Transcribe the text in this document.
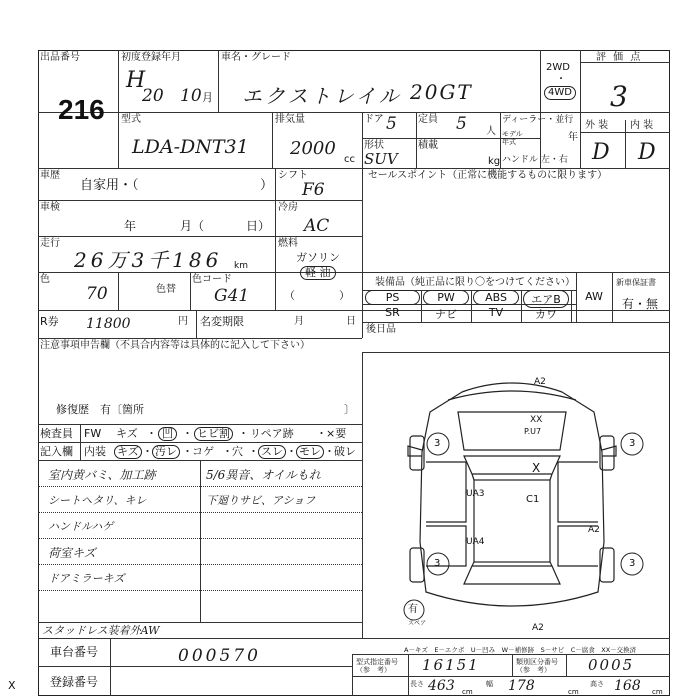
出品番号
216
初度登録年月
H
20 10 月
車名・グレード
エクストレイル 20GT
2WD
・
4WD
評 価 点
3
外 装 内 装
D D
型式
LDA-DNT31
排気量
2000
cc
ドア 5 定員 5 人
形状
SUV
積載
kg
ディーラー・並行
モデル
年式	年
ハンドル 左・右
車歴
自家用・（	）
シフト
F6
車検
年	月（	日）
冷房
AC
走行
26万3千186 km
燃料
ガソリン
軽 油
（　　　　）
色
70	色替
色コード
G41
R券 11800	円 名変期限	月	日
注意事項申告欄（不具合内容等は具体的に記入して下さい）
修復歴　有〔箇所	〕
セールスポイント（正常に機能するものに限ります）
装備品（純正品に限り〇をつけてください）	新車保証書
有・無
PS	PW	ABS	エアB	AW
SR	ナビ	TV	カワ
後日品
検査員
記入欄
FW キズ ・ 凹 ・ ヒビ割 ・ リペア跡 ・ ×要
内装 キズ ・ 汚レ ・ コゲ ・ 穴 ・ スレ ・ モレ ・ 破レ
室内黄バミ、加工跡	5/6異音、オイルもれ
シートヘタリ、キレ	下廻りサビ、アショフ
ハンドルハゲ
荷室キズ
ドアミラーキズ
スタッドレス装着外AW
A2
XX
P.U7
3	3
3	3
X
C1
UA3
UA4
A2
A2
有
スペア
A－キズ　E－エクボ　U－凹み　W－補修跡　S－サビ　C－腐食　XX－交換済
車台番号	000570
登録番号
型式指定番号
（参　考）	16151	類別区分番号
（参　考）	0005
長さ 463 cm
幅 178	cm
高さ 168 cm
X
